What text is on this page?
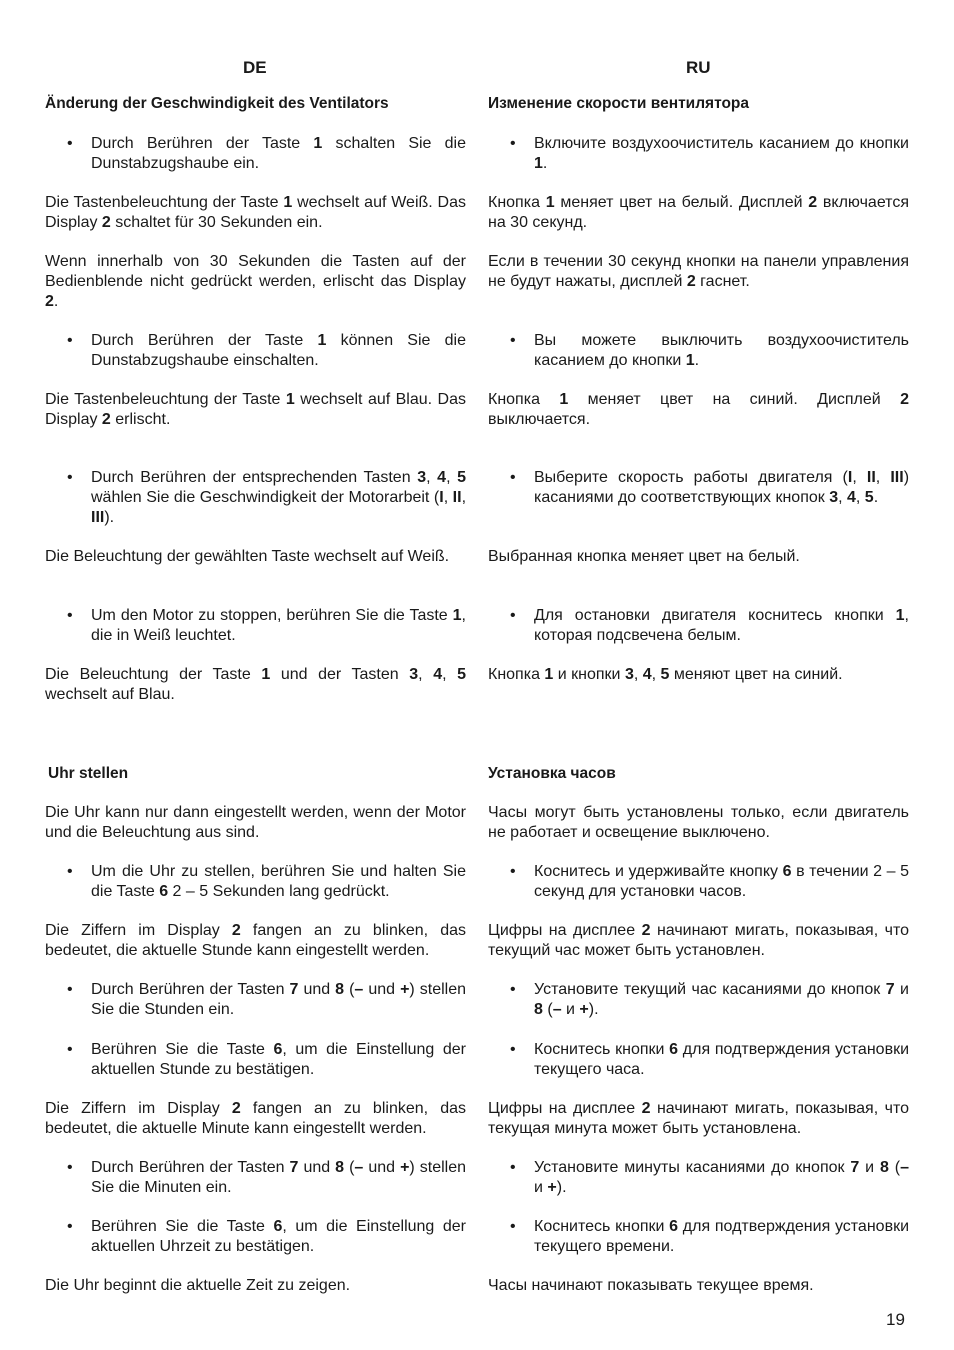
DE
Änderung der Geschwindigkeit des Ventilators
• Durch Berühren der Taste 1 schalten Sie die Dunstabzugshaube ein.
Die Tastenbeleuchtung der Taste 1 wechselt auf Weiß. Das Display 2 schaltet für 30 Sekunden ein.
Wenn innerhalb von 30 Sekunden die Tasten auf der Bedienblende nicht gedrückt werden, erlischt das Display 2.
• Durch Berühren der Taste 1 können Sie die Dunstabzugshaube einschalten.
Die Tastenbeleuchtung der Taste 1 wechselt auf Blau. Das Display 2 erlischt.
• Durch Berühren der entsprechenden Tasten 3, 4, 5 wählen Sie die Geschwindigkeit der Motorarbeit (I, II, III).
Die Beleuchtung der gewählten Taste wechselt auf Weiß.
• Um den Motor zu stoppen, berühren Sie die Taste 1, die in Weiß leuchtet.
Die Beleuchtung der Taste 1 und der Tasten 3, 4, 5 wechselt auf Blau.
Uhr stellen
Die Uhr kann nur dann eingestellt werden, wenn der Motor und die Beleuchtung aus sind.
• Um die Uhr zu stellen, berühren Sie und halten Sie die Taste 6 2 – 5 Sekunden lang gedrückt.
Die Ziffern im Display 2 fangen an zu blinken, das bedeutet, die aktuelle Stunde kann eingestellt werden.
• Durch Berühren der Tasten 7 und 8 (– und +) stellen Sie die Stunden ein.
• Berühren Sie die Taste 6, um die Einstellung der aktuellen Stunde zu bestätigen.
Die Ziffern im Display 2 fangen an zu blinken, das bedeutet, die aktuelle Minute kann eingestellt werden.
• Durch Berühren der Tasten 7 und 8 (– und +) stellen Sie die Minuten ein.
• Berühren Sie die Taste 6, um die Einstellung der aktuellen Uhrzeit zu bestätigen.
Die Uhr beginnt die aktuelle Zeit zu zeigen.
RU
Изменение скорости вентилятора
• Включите воздухоочиститель касанием до кнопки 1.
Кнопка 1 меняет цвет на белый. Дисплей 2 включается на 30 секунд.
Если в течении 30 секунд кнопки на панели управления не будут нажаты, дисплей 2 гаснет.
• Вы можете выключить воздухоочиститель касанием до кнопки 1.
Кнопка 1 меняет цвет на синий. Дисплей 2 выключается.
• Выберите скорость работы двигателя (I, II, III) касаниями до соответствующих кнопок 3, 4, 5.
Выбранная кнопка меняет цвет на белый.
• Для остановки двигателя коснитесь кнопки 1, которая подсвечена белым.
Кнопка 1 и кнопки 3, 4, 5 меняют цвет на синий.
Установка часов
Часы могут быть установлены только, если двигатель не работает и освещение выключено.
• Коснитесь и удерживайте кнопку 6 в течении 2 – 5 секунд для установки часов.
Цифры на дисплее 2 начинают мигать, показывая, что текущий час может быть установлен.
• Установите текущий час касаниями до кнопок 7 и 8 (– и +).
• Коснитесь кнопки 6 для подтверждения установки текущего часа.
Цифры на дисплее 2 начинают мигать, показывая, что текущая минута может быть установлена.
• Установите минуты касаниями до кнопок 7 и 8 (– и +).
• Коснитесь кнопки 6 для подтверждения установки текущего времени.
Часы начинают показывать текущее время.
19
